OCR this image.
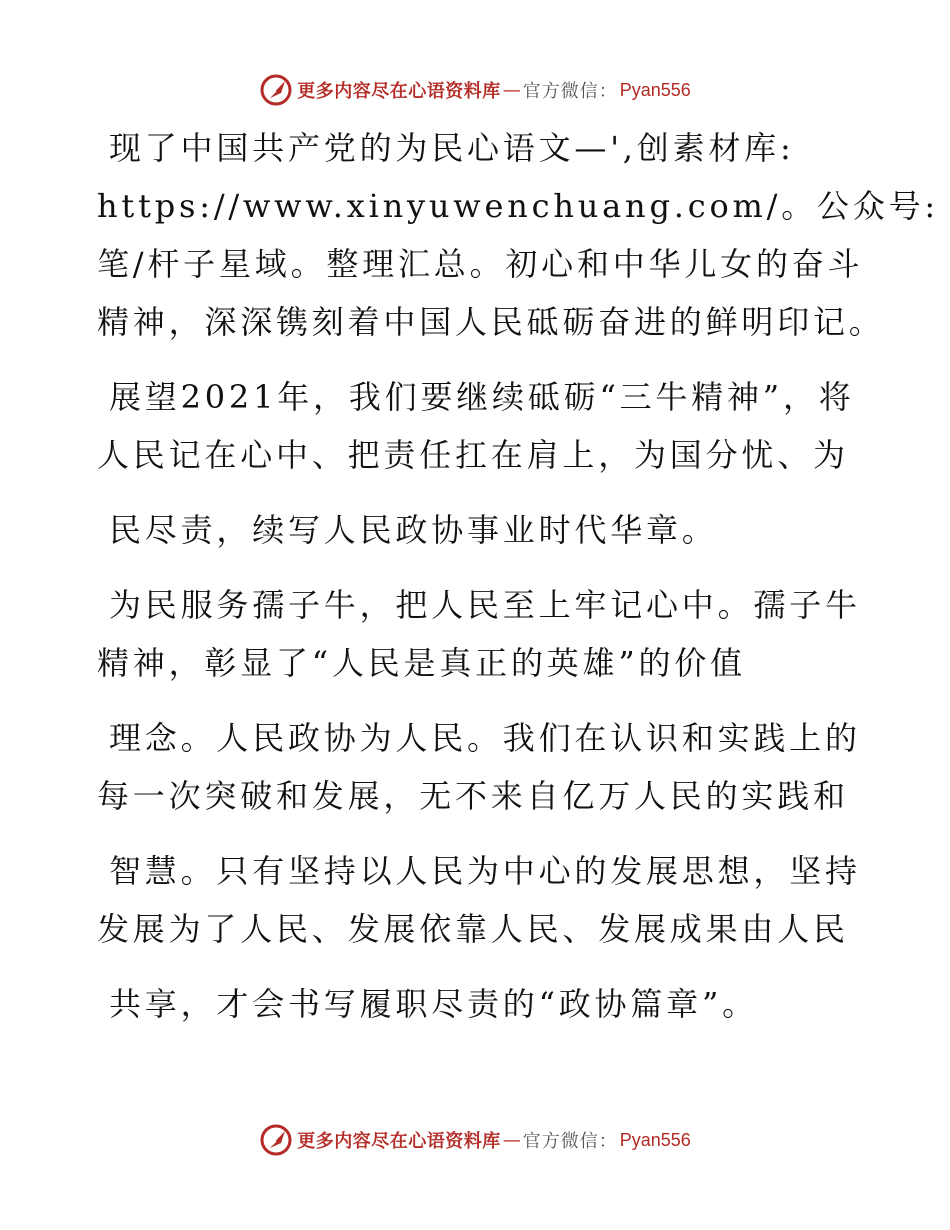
更多内容尽在心语资料库 — 官方微信： Pyan556
现了中国共产党的为民心语文—',创素材库:
https://www.xinyuwenchuang.com/。公众号:
笔/杆子星域。整理汇总。初心和中华儿女的奋斗
精神，深深镌刻着中国人民砥砺奋进的鲜明印记。
展望2021年，我们要继续砥砺“三牛精神”，将
人民记在心中、把责任扛在肩上，为国分忧、为
民尽责，续写人民政协事业时代华章。
为民服务孺子牛，把人民至上牢记心中。孺子牛
精神，彰显了“人民是真正的英雄”的价值
理念。人民政协为人民。我们在认识和实践上的
每一次突破和发展，无不来自亿万人民的实践和
智慧。只有坚持以人民为中心的发展思想，坚持
发展为了人民、发展依靠人民、发展成果由人民
共享，才会书写履职尽责的“政协篇章”。
更多内容尽在心语资料库 — 官方微信： Pyan556
